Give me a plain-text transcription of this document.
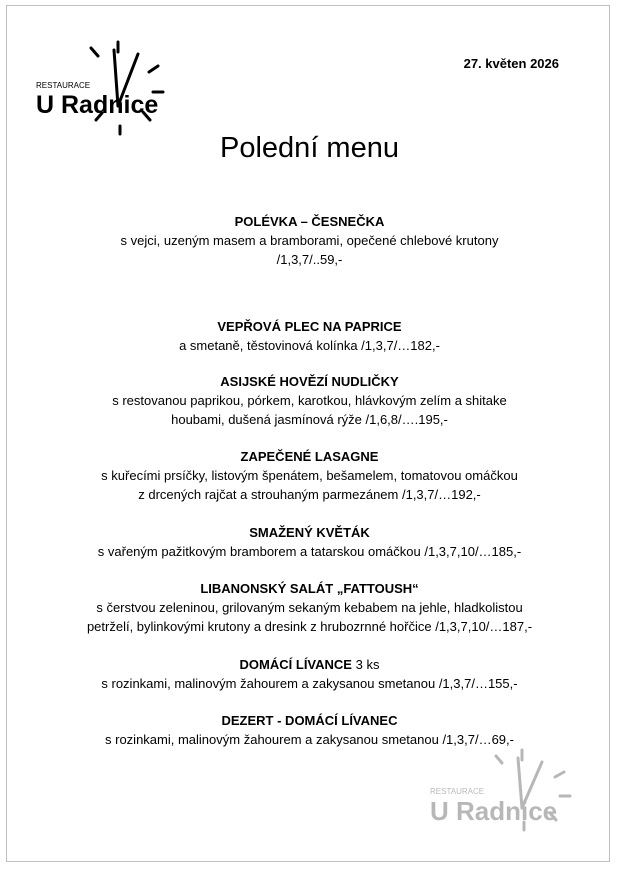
RESTAURACE
U Radnice
27. květen 2026
Polední menu
POLÉVKA – ČESNEČKA
s vejci, uzeným masem a bramborami, opečené chlebové krutony
/1,3,7/..59,-
VEPŘOVÁ PLEC NA PAPRICE
a smetaně, těstovinová kolínka /1,3,7/…182,-
ASIJSKÉ HOVĚZÍ NUDLIČKY
s restovanou paprikou, pórkem, karotkou, hlávkovým zelím a shitake
houbami, dušená jasmínová rýže /1,6,8/….195,-
ZAPEČENÉ LASAGNE
s kuřecími prsíčky, listovým špenátem, bešamelem, tomatovou omáčkou
z drcených rajčat a strouhaným parmezánem /1,3,7/…192,-
SMAŽENÝ KVĚTÁK
s vařeným pažitkovým bramborem a tatarskou omáčkou /1,3,7,10/…185,-
LIBANONSKÝ SALÁT „FATTOUSH“
s čerstvou zeleninou, grilovaným sekaným kebabem na jehle, hladkolistou
petrželí, bylinkovými krutony a dresink z hrubozrnné hořčice /1,3,7,10/…187,-
DOMÁCÍ LÍVANCE 3 ks
s rozinkami, malinovým žahourem a zakysanou smetanou /1,3,7/…155,-
DEZERT - DOMÁCÍ LÍVANEC
s rozinkami, malinovým žahourem a zakysanou smetanou /1,3,7/…69,-
RESTAURACE
U Radnice
